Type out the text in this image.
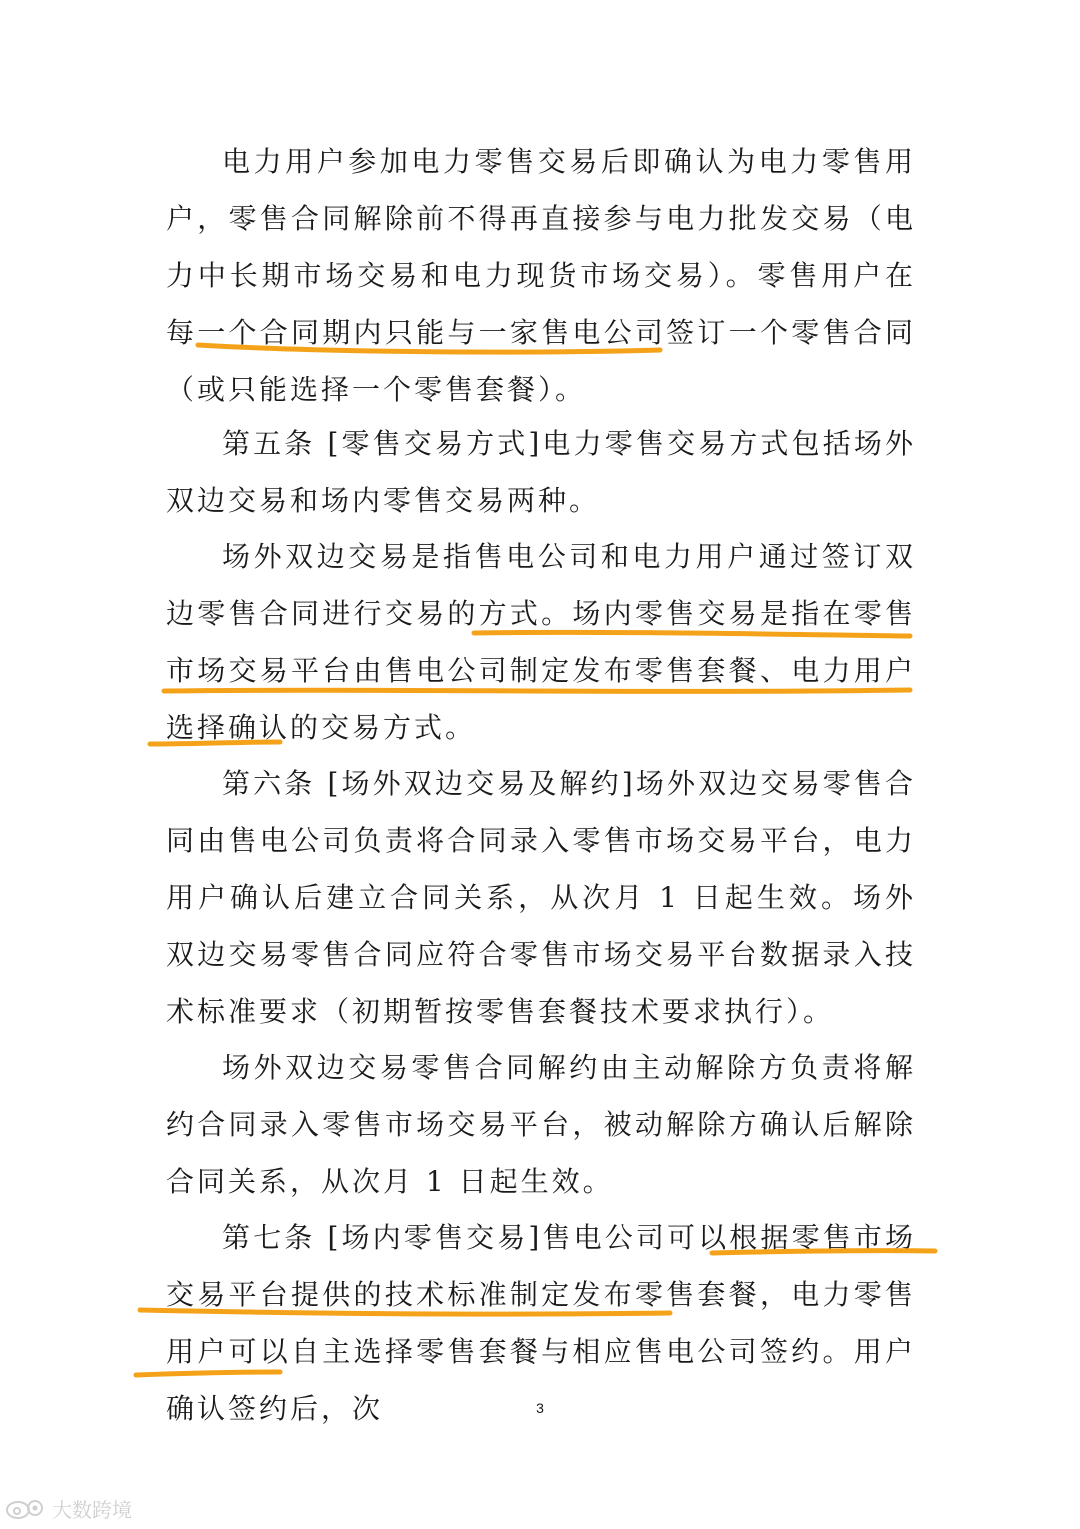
电力用户参加电力零售交易后即确认为电力零售用户，零售合同解除前不得再直接参与电力批发交易（电力中长期市场交易和电力现货市场交易）。零售用户在每一个合同期内只能与一家售电公司签订一个零售合同（或只能选择一个零售套餐）。

第五条 [零售交易方式]电力零售交易方式包括场外双边交易和场内零售交易两种。

场外双边交易是指售电公司和电力用户通过签订双边零售合同进行交易的方式。场内零售交易是指在零售市场交易平台由售电公司制定发布零售套餐、电力用户选择确认的交易方式。

第六条 [场外双边交易及解约]场外双边交易零售合同由售电公司负责将合同录入零售市场交易平台，电力用户确认后建立合同关系，从次月 1 日起生效。场外双边交易零售合同应符合零售市场交易平台数据录入技术标准要求（初期暂按零售套餐技术要求执行）。

场外双边交易零售合同解约由主动解除方负责将解约合同录入零售市场交易平台，被动解除方确认后解除合同关系，从次月 1 日起生效。

第七条 [场内零售交易]售电公司可以根据零售市场交易平台提供的技术标准制定发布零售套餐，电力零售用户可以自主选择零售套餐与相应售电公司签约。用户确认签约后，次	3
大数跨境
